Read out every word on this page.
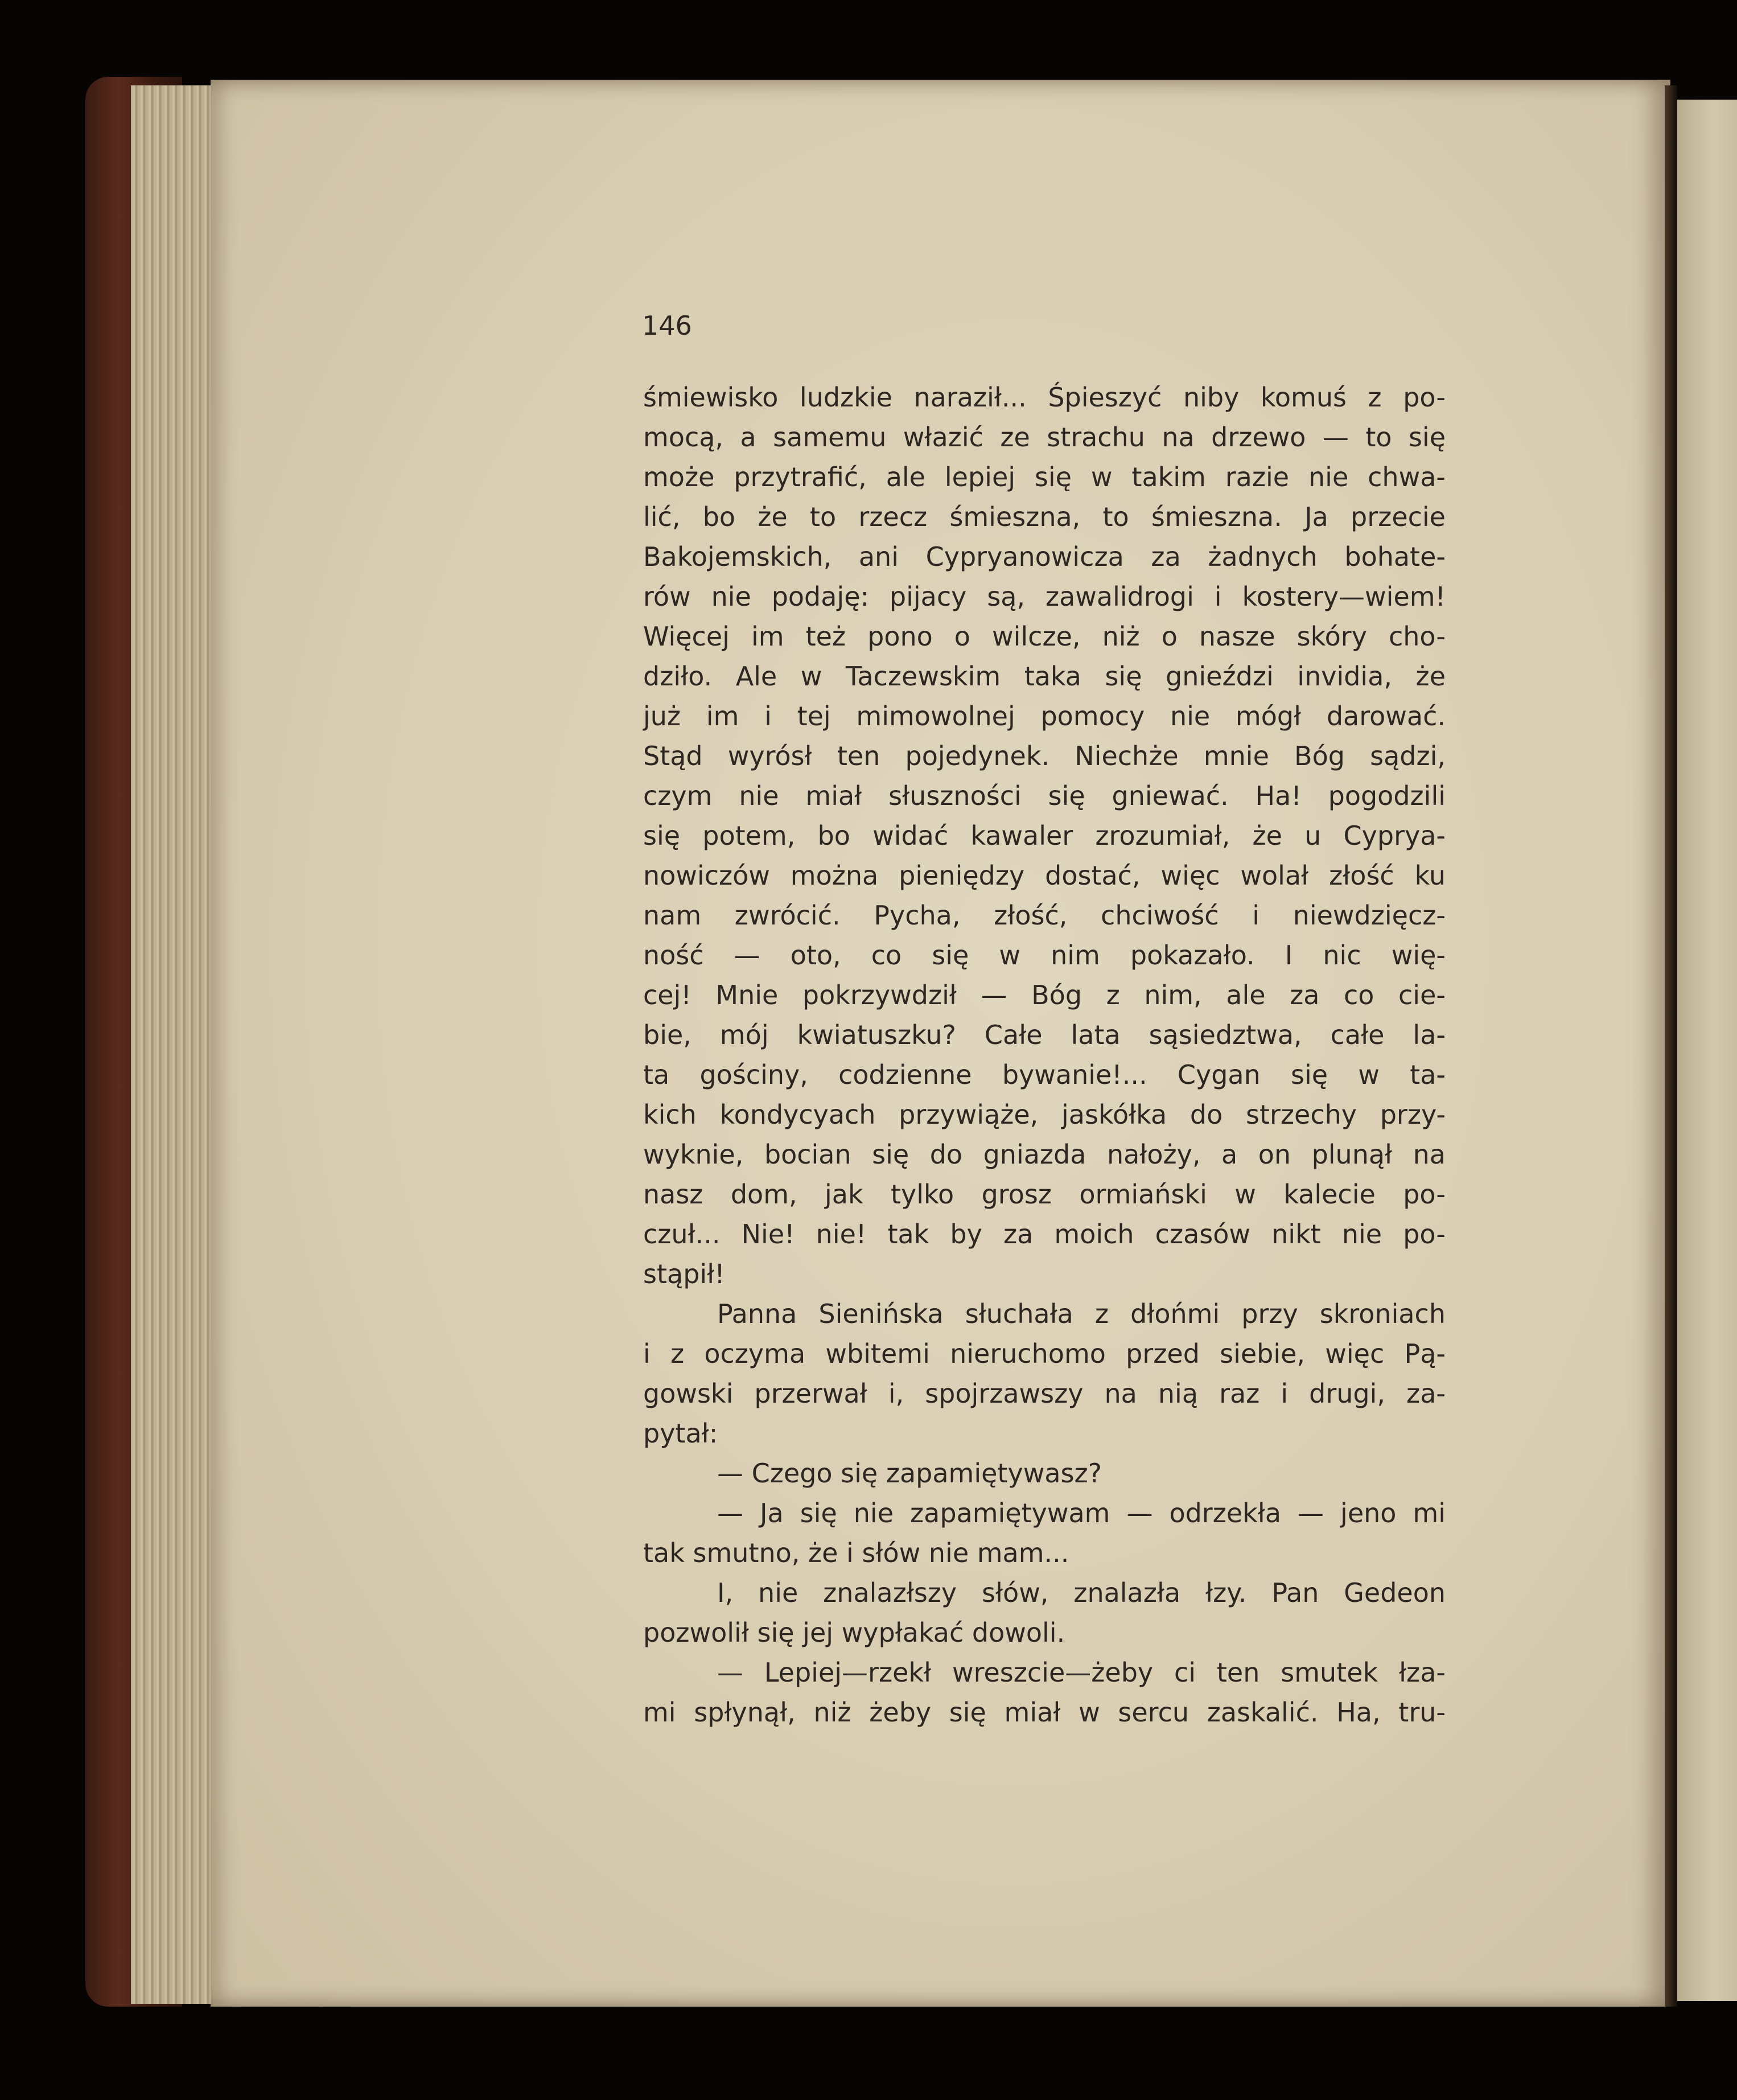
146
śmiewisko ludzkie naraził... Śpieszyć niby komuś z po-
mocą, a samemu włazić ze strachu na drzewo — to się
może przytrafić, ale lepiej się w takim razie nie chwa-
lić, bo że to rzecz śmieszna, to śmieszna. Ja przecie
Bakojemskich, ani Cypryanowicza za żadnych bohate-
rów nie podaję: pijacy są, zawalidrogi i kostery—wiem!
Więcej im też pono o wilcze, niż o nasze skóry cho-
dziło. Ale w Taczewskim taka się gnieździ invidia, że
już im i tej mimowolnej pomocy nie mógł darować.
Stąd wyrósł ten pojedynek. Niechże mnie Bóg sądzi,
czym nie miał słuszności się gniewać. Ha! pogodzili
się potem, bo widać kawaler zrozumiał, że u Cyprya-
nowiczów można pieniędzy dostać, więc wolał złość ku
nam zwrócić. Pycha, złość, chciwość i niewdzięcz-
ność — oto, co się w nim pokazało. I nic wię-
cej! Mnie pokrzywdził — Bóg z nim, ale za co cie-
bie, mój kwiatuszku? Całe lata sąsiedztwa, całe la-
ta gościny, codzienne bywanie!... Cygan się w ta-
kich kondycyach przywiąże, jaskółka do strzechy przy-
wyknie, bocian się do gniazda nałoży, a on plunął na
nasz dom, jak tylko grosz ormiański w kalecie po-
czuł... Nie! nie! tak by za moich czasów nikt nie po-
stąpił!
Panna Sienińska słuchała z dłońmi przy skroniach
i z oczyma wbitemi nieruchomo przed siebie, więc Pą-
gowski przerwał i, spojrzawszy na nią raz i drugi, za-
pytał:
— Czego się zapamiętywasz?
— Ja się nie zapamiętywam — odrzekła — jeno mi
tak smutno, że i słów nie mam...
I, nie znalazłszy słów, znalazła łzy. Pan Gedeon
pozwolił się jej wypłakać dowoli.
— Lepiej—rzekł wreszcie—żeby ci ten smutek łza-
mi spłynął, niż żeby się miał w sercu zaskalić. Ha, tru-
